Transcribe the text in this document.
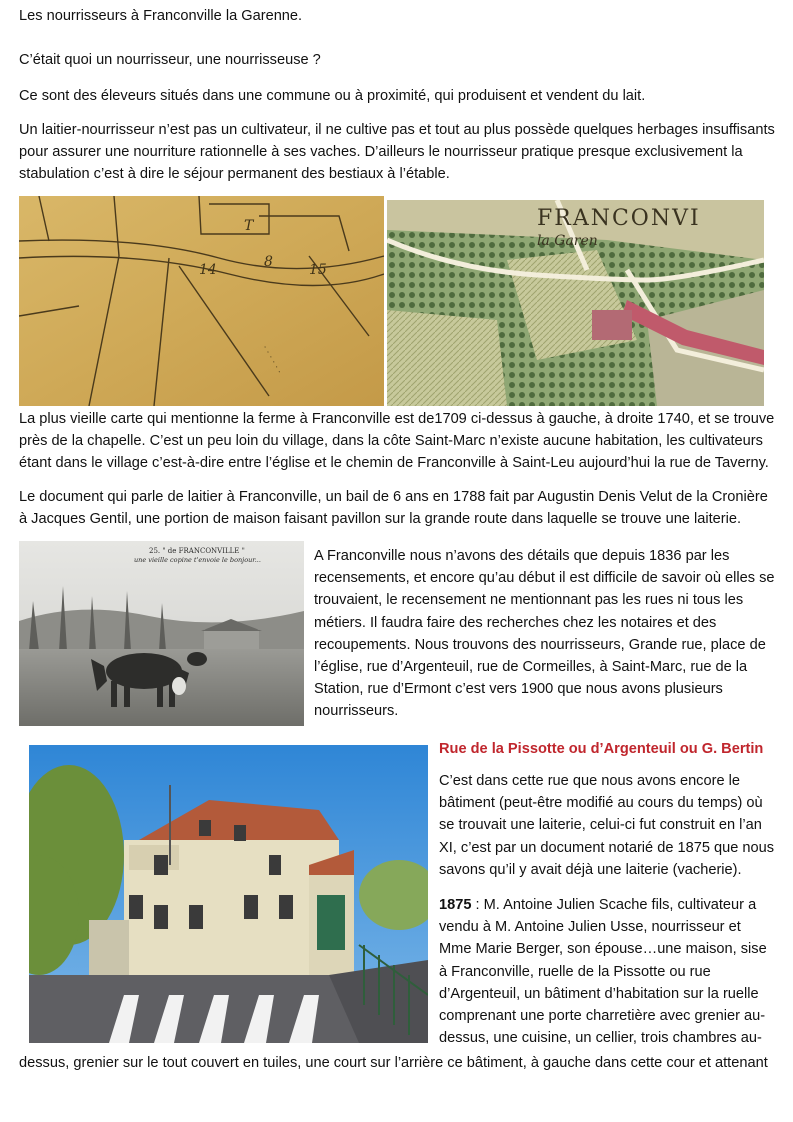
Les nourrisseurs à Franconville la Garenne.

C’était quoi un nourrisseur, une nourrisseuse ?

Ce sont des éleveurs situés dans une commune ou à proximité, qui produisent et vendent du lait.

Un laitier-nourrisseur n’est pas un cultivateur, il ne cultive pas et tout au plus possède quelques herbages insuffisants pour assurer une nourriture rationnelle à ses vaches. D’ailleurs le nourrisseur pratique presque exclusivement la stabulation c’est à dire le séjour permanent des bestiaux à l’étable.

T
15
14	8
. . . . . .
FRANCONVI
la Garen

La plus vieille carte qui mentionne la ferme à Franconville est de1709 ci-dessus à gauche, à droite 1740, et se trouve près de la chapelle. C’est un peu loin du village, dans la côte Saint-Marc n’existe aucune habitation, les cultivateurs étant dans le village c’est-à-dire entre l’église et le chemin de Franconville à Saint-Leu aujourd’hui la rue de Taverny.

Le document qui parle de laitier à Franconville, un bail de 6 ans en 1788 fait par Augustin Denis Velut de la Cronière à Jacques Gentil, une portion de maison faisant pavillon sur la grande route dans laquelle se trouve une laiterie.

25. " de FRANCONVILLE "
une vieille copine t'envoie le bonjour...	A Franconville nous n’avons des détails que depuis 1836 par les recensements, et encore qu’au début il est difficile de savoir où elles se trouvaient, le recensement ne mentionnant pas les rues ni tous les métiers. Il faudra faire des recherches chez les notaires et des recoupements. Nous trouvons des nourrisseurs, Grande rue, place de l’église, rue d’Argenteuil, rue de Cormeilles, à Saint-Marc, rue de la Station, rue d’Ermont c’est vers 1900 que nous avons plusieurs nourrisseurs.

Rue de la Pissotte ou d’Argenteuil ou G. Bertin

C’est dans cette rue que nous avons encore le bâtiment (peut-être modifié au cours du temps) où se trouvait une laiterie, celui-ci fut construit en l’an XI, c’est par un document notarié de 1875 que nous savons qu’il y avait déjà une laiterie (vacherie).

1875 : M. Antoine Julien Scache fils, cultivateur a vendu à M. Antoine Julien Usse, nourrisseur et Mme Marie Berger, son épouse…une maison, sise à Franconville, ruelle de la Pissotte ou rue d’Argenteuil, un bâtiment d’habitation sur la ruelle comprenant une porte charretière avec grenier au-dessus, une cuisine, un cellier, trois chambres au-

dessus, grenier sur le tout couvert en tuiles, une court sur l’arrière ce bâtiment, à gauche dans cette cour et attenant
